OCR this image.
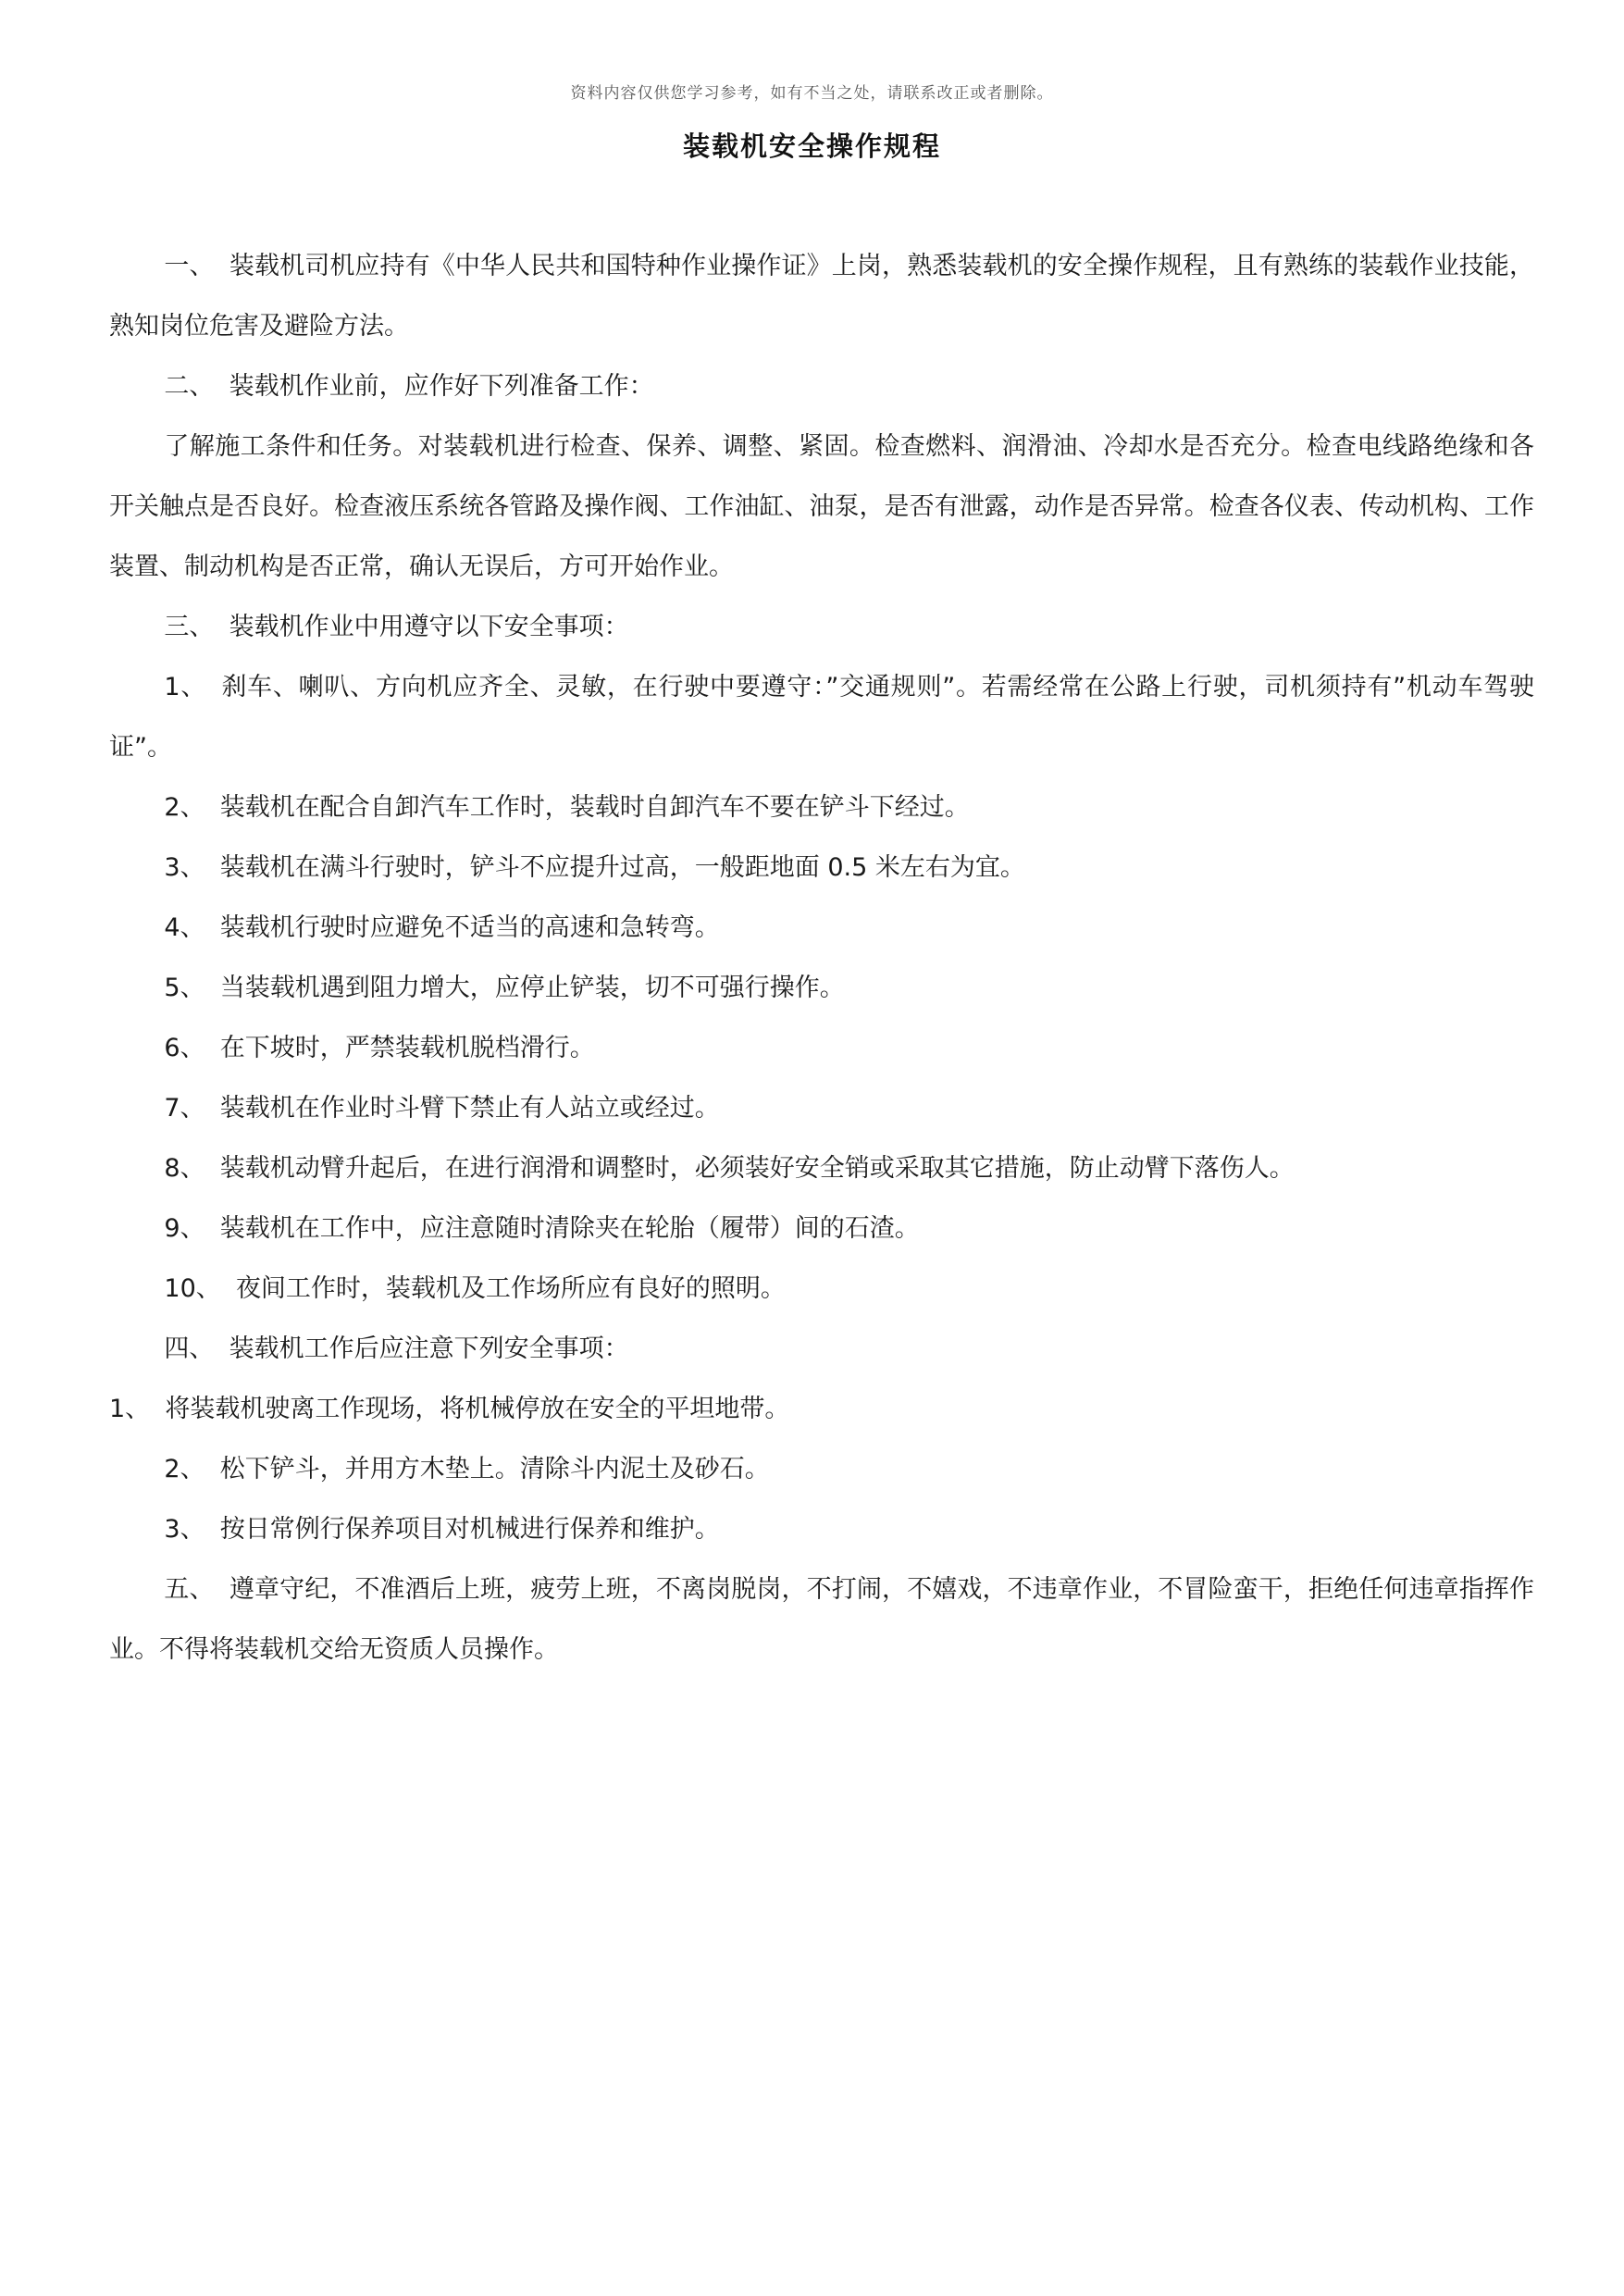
资料内容仅供您学习参考，如有不当之处，请联系改正或者删除。
装载机安全操作规程

一、 装载机司机应持有《中华人民共和国特种作业操作证》上岗，熟悉装载机的安全操作规程，且有熟练的装载作业技能，熟知岗位危害及避险方法。

二、 装载机作业前，应作好下列准备工作：

了解施工条件和任务。对装载机进行检查、保养、调整、紧固。检查燃料、润滑油、冷却水是否充分。检查电线路绝缘和各开关触点是否良好。检查液压系统各管路及操作阀、工作油缸、油泵，是否有泄露，动作是否异常。检查各仪表、传动机构、工作装置、制动机构是否正常，确认无误后，方可开始作业。

三、 装载机作业中用遵守以下安全事项：

1、 刹车、喇叭、方向机应齐全、灵敏，在行驶中要遵守：”交通规则”。若需经常在公路上行驶，司机须持有”机动车驾驶证”。

2、 装载机在配合自卸汽车工作时，装载时自卸汽车不要在铲斗下经过。

3、 装载机在满斗行驶时，铲斗不应提升过高，一般距地面 0.5 米左右为宜。

4、 装载机行驶时应避免不适当的高速和急转弯。

5、 当装载机遇到阻力增大，应停止铲装，切不可强行操作。

6、 在下坡时，严禁装载机脱档滑行。

7、 装载机在作业时斗臂下禁止有人站立或经过。

8、 装载机动臂升起后，在进行润滑和调整时，必须装好安全销或采取其它措施，防止动臂下落伤人。

9、 装载机在工作中，应注意随时清除夹在轮胎（履带）间的石渣。

10、 夜间工作时，装载机及工作场所应有良好的照明。

四、 装载机工作后应注意下列安全事项：

1、 将装载机驶离工作现场，将机械停放在安全的平坦地带。

2、 松下铲斗，并用方木垫上。清除斗内泥土及砂石。

3、 按日常例行保养项目对机械进行保养和维护。

五、 遵章守纪，不准酒后上班，疲劳上班，不离岗脱岗，不打闹，不嬉戏，不违章作业，不冒险蛮干，拒绝任何违章指挥作业。不得将装载机交给无资质人员操作。
